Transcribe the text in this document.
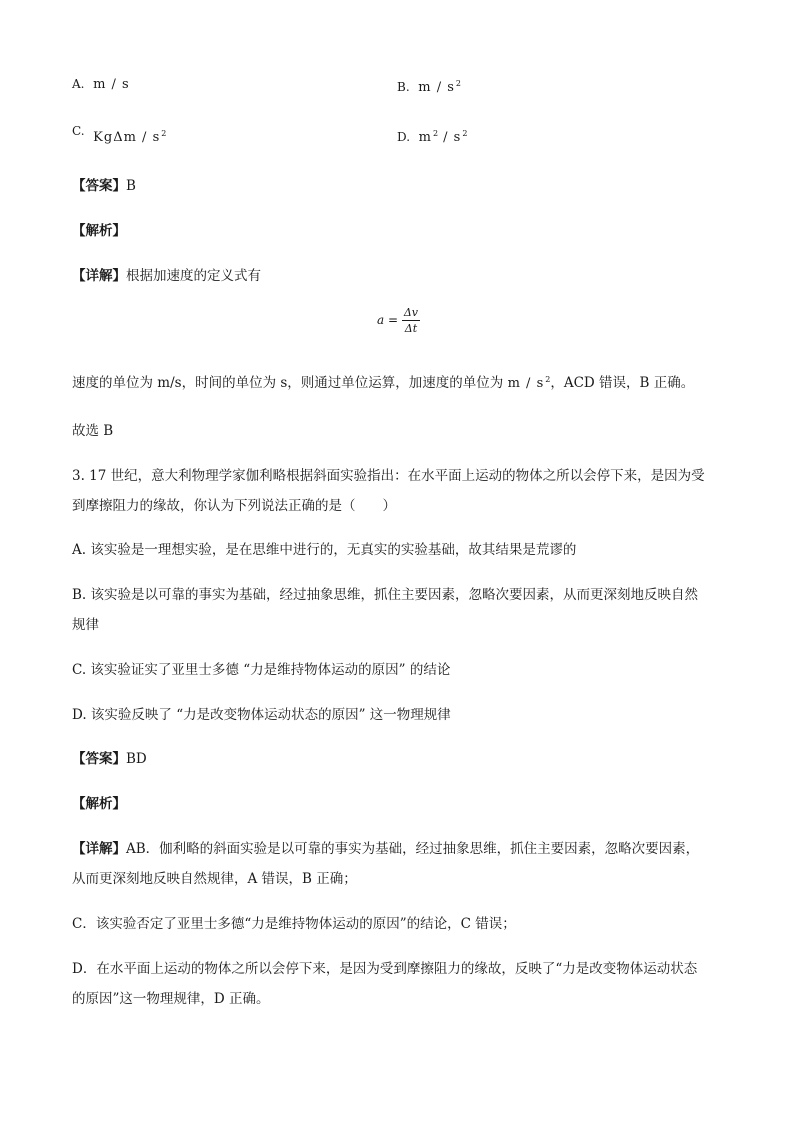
A. m / s	B. m / $s^2$
C. KgΔm / $s^2$	D. $m^2 / s^2$
【答案】B
【解析】
【详解】根据加速度的定义式有
$a = \frac{\Delta v}{\Delta t}$
速度的单位为 m/s，时间的单位为 s，则通过单位运算，加速度的单位为 m / $s^2$，ACD 错误，B 正确。
故选 B
3. 17 世纪，意大利物理学家伽利略根据斜面实验指出：在水平面上运动的物体之所以会停下来，是因为受
到摩擦阻力的缘故，你认为下列说法正确的是（　　）
A. 该实验是一理想实验，是在思维中进行的，无真实的实验基础，故其结果是荒谬的
B. 该实验是以可靠的事实为基础，经过抽象思维，抓住主要因素，忽略次要因素，从而更深刻地反映自然
规律
C. 该实验证实了亚里士多德 “力是维持物体运动的原因” 的结论
D. 该实验反映了 “力是改变物体运动状态的原因” 这一物理规律
【答案】BD
【解析】
【详解】AB．伽利略的斜面实验是以可靠的事实为基础，经过抽象思维，抓住主要因素，忽略次要因素，
从而更深刻地反映自然规律，A 错误，B 正确；
C．该实验否定了亚里士多德“力是维持物体运动的原因”的结论，C 错误；
D．在水平面上运动的物体之所以会停下来，是因为受到摩擦阻力的缘故，反映了“力是改变物体运动状态
的原因”这一物理规律，D 正确。
